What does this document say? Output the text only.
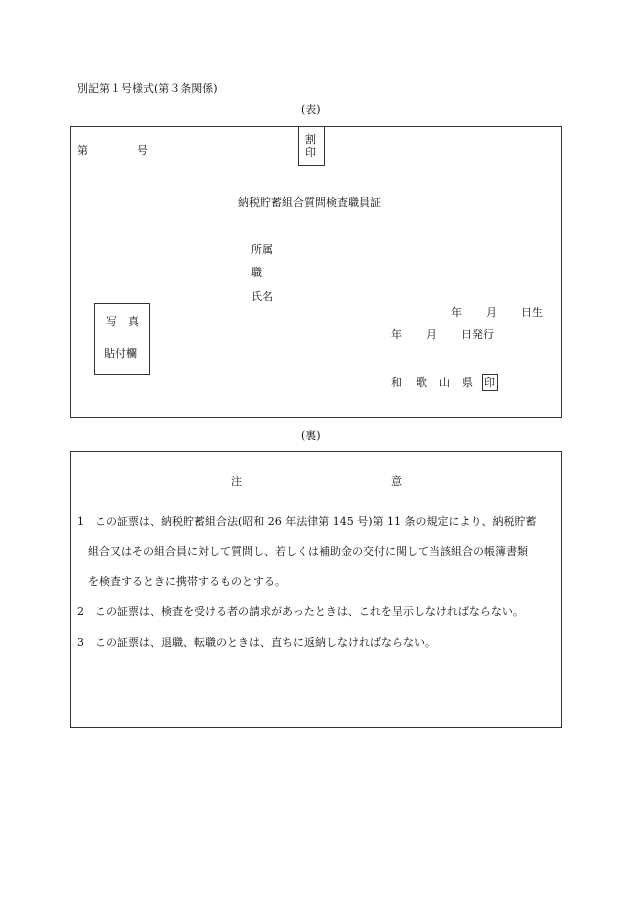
別記第１号様式(第３条関係)
(表)
第	号
割
印
納税貯蓄組合質問検査職員証
所属
職
氏名
年 月 日生
写　真
貼付欄
年 月 日発行
和 歌 山 県 印
(裏)
注	意
1　この証票は、納税貯蓄組合法(昭和 26 年法律第 145 号)第 11 条の規定により、納税貯蓄
　組合又はその組合員に対して質問し、若しくは補助金の交付に関して当該組合の帳簿書類
　を検査するときに携帯するものとする。
2　この証票は、検査を受ける者の請求があったときは、これを呈示しなければならない。
3　この証票は、退職、転職のときは、直ちに返納しなければならない。
